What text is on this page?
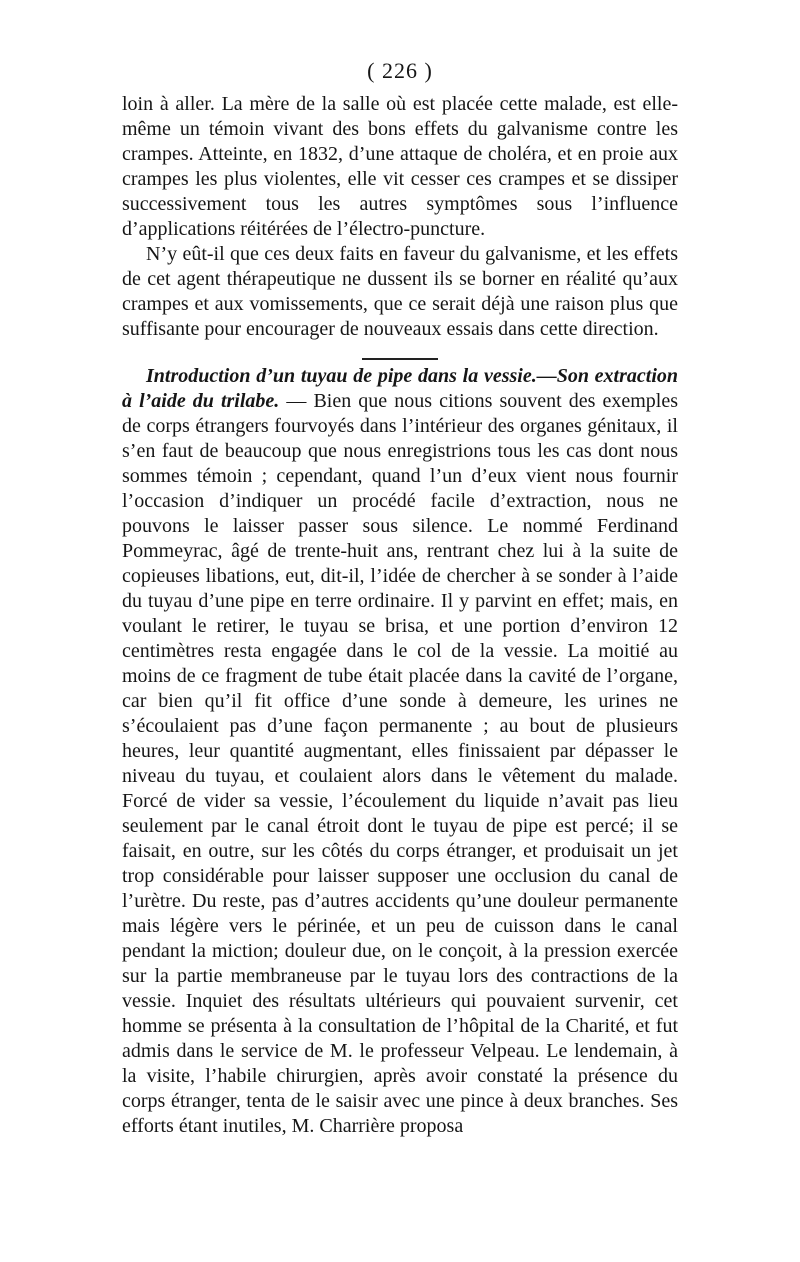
( 226 )

loin à aller. La mère de la salle où est placée cette malade, est elle-même un témoin vivant des bons effets du galvanisme contre les crampes. Atteinte, en 1832, d’une attaque de choléra, et en proie aux crampes les plus violentes, elle vit cesser ces crampes et se dissiper successivement tous les autres symptômes sous l’influence d’applications réitérées de l’électro-puncture.

N’y eût-il que ces deux faits en faveur du galvanisme, et les effets de cet agent thérapeutique ne dussent ils se borner en réalité qu’aux crampes et aux vomissements, que ce serait déjà une raison plus que suffisante pour encourager de nouveaux essais dans cette direction.

Introduction d’un tuyau de pipe dans la vessie.—Son extraction à l’aide du trilabe. — Bien que nous citions souvent des exemples de corps étrangers fourvoyés dans l’intérieur des organes génitaux, il s’en faut de beaucoup que nous enregistrions tous les cas dont nous sommes témoin ; cependant, quand l’un d’eux vient nous fournir l’occasion d’indiquer un procédé facile d’extraction, nous ne pouvons le laisser passer sous silence. Le nommé Ferdinand Pommeyrac, âgé de trente-huit ans, rentrant chez lui à la suite de copieuses libations, eut, dit-il, l’idée de chercher à se sonder à l’aide du tuyau d’une pipe en terre ordinaire. Il y parvint en effet; mais, en voulant le retirer, le tuyau se brisa, et une portion d’environ 12 centimètres resta engagée dans le col de la vessie. La moitié au moins de ce fragment de tube était placée dans la cavité de l’organe, car bien qu’il fit office d’une sonde à demeure, les urines ne s’écoulaient pas d’une façon permanente ; au bout de plusieurs heures, leur quantité augmentant, elles finissaient par dépasser le niveau du tuyau, et coulaient alors dans le vêtement du malade. Forcé de vider sa vessie, l’écoulement du liquide n’avait pas lieu seulement par le canal étroit dont le tuyau de pipe est percé; il se faisait, en outre, sur les côtés du corps étranger, et produisait un jet trop considérable pour laisser supposer une occlusion du canal de l’urètre. Du reste, pas d’autres accidents qu’une douleur permanente mais légère vers le périnée, et un peu de cuisson dans le canal pendant la miction; douleur due, on le conçoit, à la pression exercée sur la partie membraneuse par le tuyau lors des contractions de la vessie. Inquiet des résultats ultérieurs qui pouvaient survenir, cet homme se présenta à la consultation de l’hôpital de la Charité, et fut admis dans le service de M. le professeur Velpeau. Le lendemain, à la visite, l’habile chirurgien, après avoir constaté la présence du corps étranger, tenta de le saisir avec une pince à deux branches. Ses efforts étant inutiles, M. Charrière proposa
